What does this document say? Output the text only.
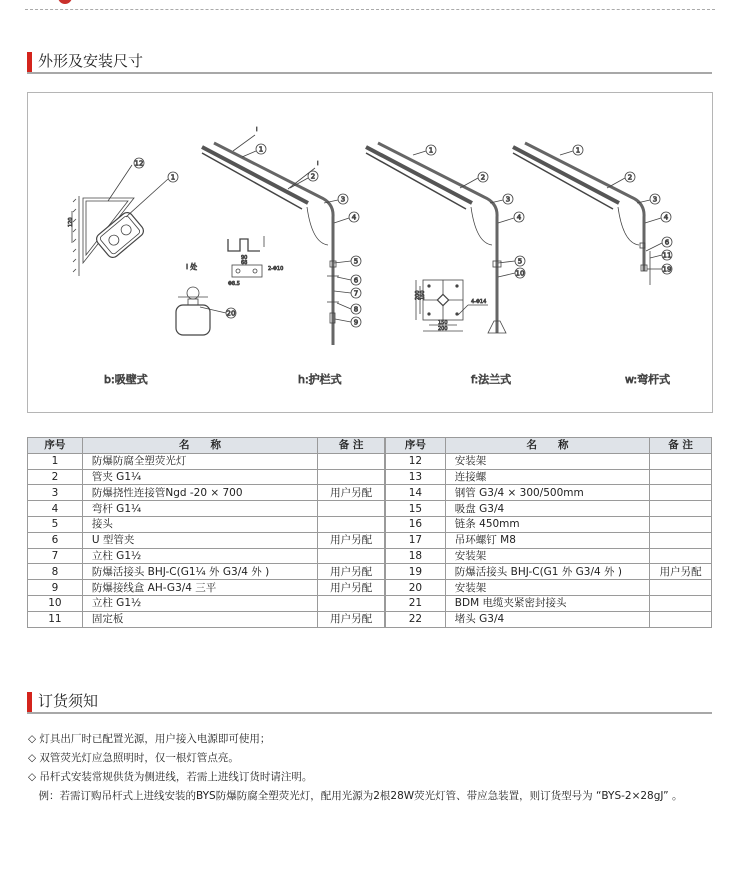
外形及安装尺寸
120
12
1
b:吸壁式
I
I
1
2
3
4
5
6
7
8
9
90
68
2-Φ10
Φ8.5
I 处
20
h:护栏式
1
2
3
4
5
10
200 150
4-Φ14
150
200
f:法兰式
1
2
3
4
6
11
19
w:弯杆式
序号	名　　称	备 注
1	防爆防腐全塑荧光灯	
2	管夹 G1¼	
3	防爆挠性连接管Ngd -20 × 700	用户另配
4	弯杆 G1¼	
5	接头	
6	U 型管夹	用户另配
7	立柱 G1½	
8	防爆活接头 BHJ-C(G1¼ 外 G3/4 外 )	用户另配
9	防爆接线盒 AH-G3/4 三平	用户另配
10	立柱 G1½	
11	固定板	用户另配
序号	名　　称	备 注
12	安装架	
13	连接螺	
14	钢管 G3/4 × 300/500mm	
15	吸盘 G3/4	
16	链条 450mm	
17	吊环螺钉 M8	
18	安装架	
19	防爆活接头 BHJ-C(G1 外 G3/4 外 )	用户另配
20	安装架	
21	BDM 电缆夹紧密封接头	
22	堵头 G3/4	
订货须知

◇ 灯具出厂时已配置光源，用户接入电源即可使用；

◇ 双管荧光灯应急照明时，仅一根灯管点亮。

◇ 吊杆式安装常规供货为侧进线，若需上进线订货时请注明。

　例：若需订购吊杆式上进线安装的BYS防爆防腐全塑荧光灯，配用光源为2根28W荧光灯管、带应急装置，则订货型号为 “BYS-2×28gJ” 。
